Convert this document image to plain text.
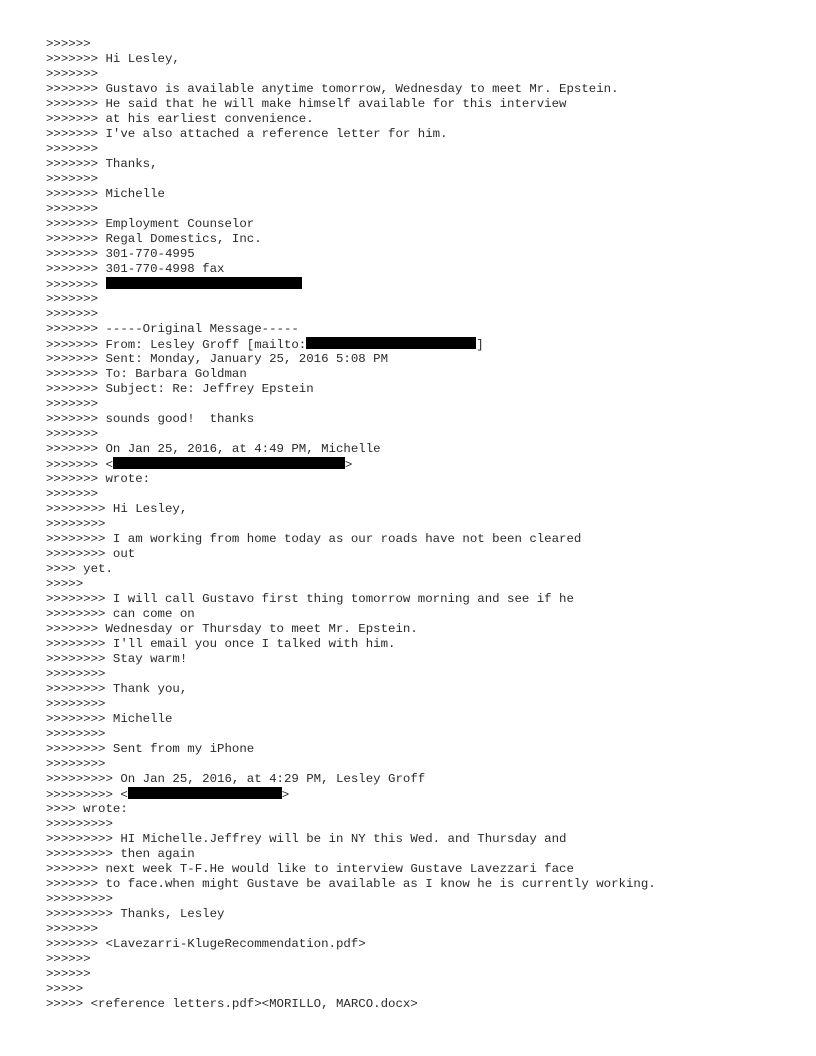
>>>>>>
>>>>>>> Hi Lesley,
>>>>>>>
>>>>>>> Gustavo is available anytime tomorrow, Wednesday to meet Mr. Epstein.
>>>>>>> He said that he will make himself available for this interview
>>>>>>> at his earliest convenience.
>>>>>>> I've also attached a reference letter for him.
>>>>>>>
>>>>>>> Thanks,
>>>>>>>
>>>>>>> Michelle
>>>>>>>
>>>>>>> Employment Counselor
>>>>>>> Regal Domestics, Inc.
>>>>>>> 301-770-4995
>>>>>>> 301-770-4998 fax
>>>>>>>
>>>>>>>
>>>>>>>
>>>>>>> -----Original Message-----
>>>>>>> From: Lesley Groff [mailto:	]
>>>>>>> Sent: Monday, January 25, 2016 5:08 PM
>>>>>>> To: Barbara Goldman
>>>>>>> Subject: Re: Jeffrey Epstein
>>>>>>>
>>>>>>> sounds good!  thanks
>>>>>>>
>>>>>>> On Jan 25, 2016, at 4:49 PM, Michelle
>>>>>>> <	>
>>>>>>> wrote:
>>>>>>>
>>>>>>>> Hi Lesley,
>>>>>>>>
>>>>>>>> I am working from home today as our roads have not been cleared
>>>>>>>> out
>>>> yet.
>>>>>
>>>>>>>> I will call Gustavo first thing tomorrow morning and see if he
>>>>>>>> can come on
>>>>>>> Wednesday or Thursday to meet Mr. Epstein.
>>>>>>>> I'll email you once I talked with him.
>>>>>>>> Stay warm!
>>>>>>>>
>>>>>>>> Thank you,
>>>>>>>>
>>>>>>>> Michelle
>>>>>>>>
>>>>>>>> Sent from my iPhone
>>>>>>>>
>>>>>>>>> On Jan 25, 2016, at 4:29 PM, Lesley Groff
>>>>>>>>> <	>
>>>> wrote:
>>>>>>>>>
>>>>>>>>> HI Michelle.Jeffrey will be in NY this Wed. and Thursday and
>>>>>>>>> then again
>>>>>>> next week T-F.He would like to interview Gustave Lavezzari face
>>>>>>> to face.when might Gustave be available as I know he is currently working.
>>>>>>>>>
>>>>>>>>> Thanks, Lesley
>>>>>>>
>>>>>>> <Lavezarri-KlugeRecommendation.pdf>
>>>>>>
>>>>>>
>>>>>
>>>>> <reference letters.pdf><MORILLO, MARCO.docx>
